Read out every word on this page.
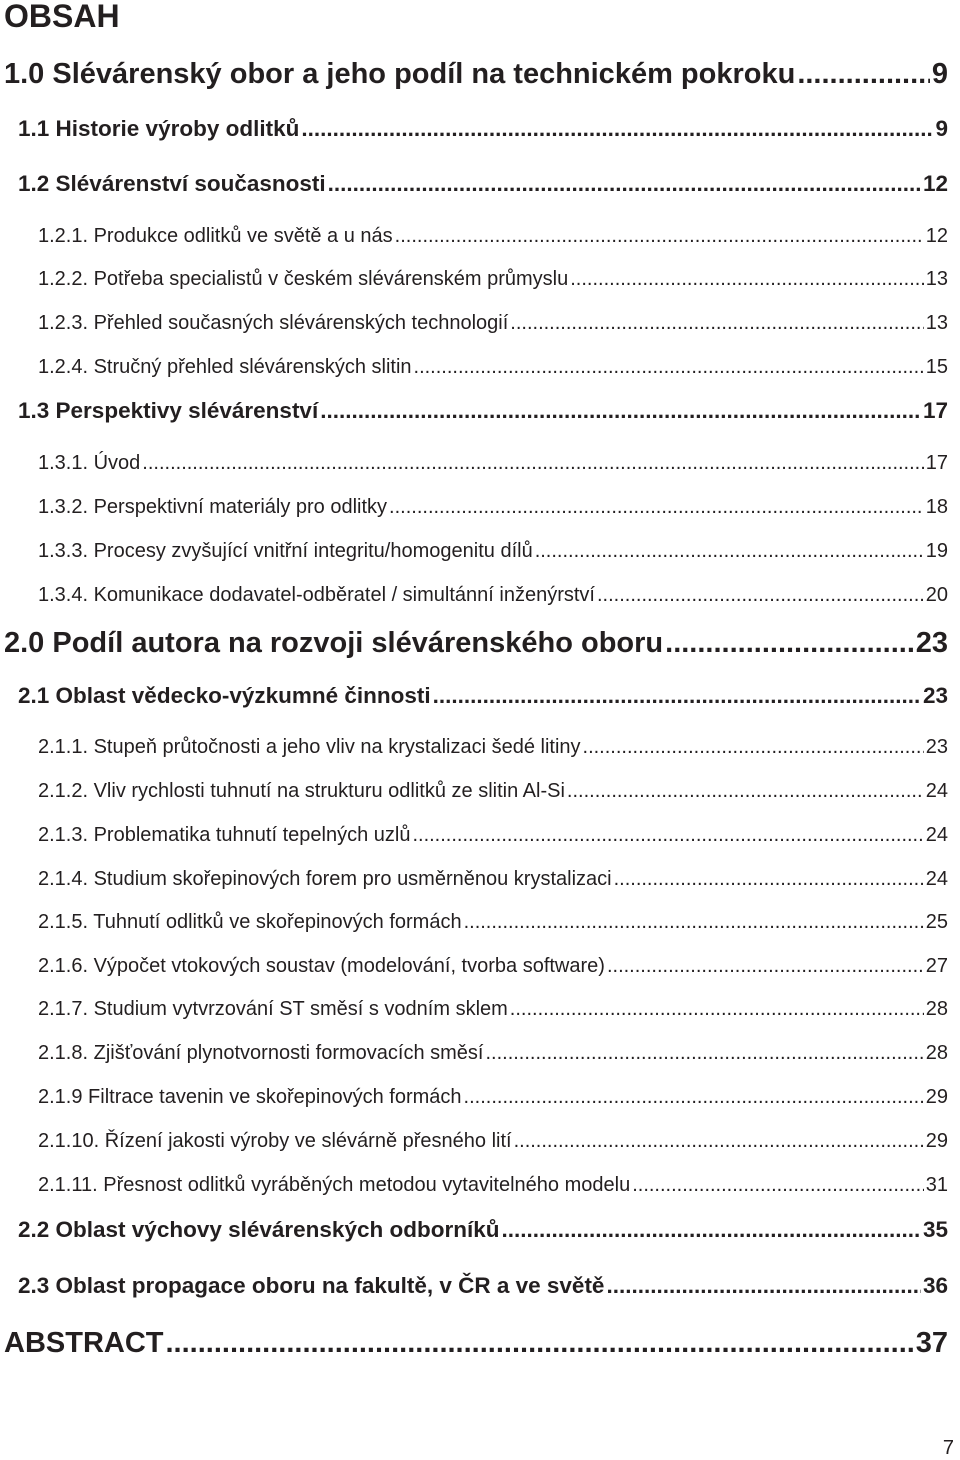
OBSAH
1.0 Slévárenský obor a jeho podíl na technickém pokroku .....	9
1.1 Historie výroby odlitků .....	9
1.2 Slévárenství současnosti .....	12
1.2.1. Produkce odlitků ve světě a u nás .....	12
1.2.2. Potřeba specialistů v českém slévárenském průmyslu .....	13
1.2.3. Přehled současných slévárenských technologií .....	13
1.2.4. Stručný přehled slévárenských slitin .....	15
1.3 Perspektivy slévárenství .....	17
1.3.1. Úvod .....	17
1.3.2. Perspektivní materiály pro odlitky .....	18
1.3.3. Procesy zvyšující vnitřní integritu/homogenitu dílů .....	19
1.3.4. Komunikace dodavatel-odběratel / simultánní inženýrství .....	20
2.0 Podíl autora na rozvoji slévárenského oboru .....	23
2.1 Oblast vědecko-výzkumné činnosti .....	23
2.1.1. Stupeň průtočnosti a jeho vliv na krystalizaci šedé litiny .....	23
2.1.2. Vliv rychlosti tuhnutí na strukturu odlitků ze slitin Al-Si .....	24
2.1.3. Problematika tuhnutí tepelných uzlů .....	24
2.1.4. Studium skořepinových forem pro usměrněnou krystalizaci .....	24
2.1.5. Tuhnutí odlitků ve skořepinových formách .....	25
2.1.6. Výpočet vtokových soustav (modelování, tvorba software) .....	27
2.1.7. Studium vytvrzování ST směsí s vodním sklem .....	28
2.1.8. Zjišťování plynotvornosti formovacích směsí .....	28
2.1.9 Filtrace tavenin ve skořepinových formách .....	29
2.1.10. Řízení jakosti výroby ve slévárně přesného lití .....	29
2.1.11. Přesnost odlitků vyráběných metodou vytavitelného modelu .....	31
2.2 Oblast výchovy slévárenských odborníků .....	35
2.3 Oblast propagace oboru na fakultě, v ČR a ve světě .....	36
ABSTRACT .....	37
7
